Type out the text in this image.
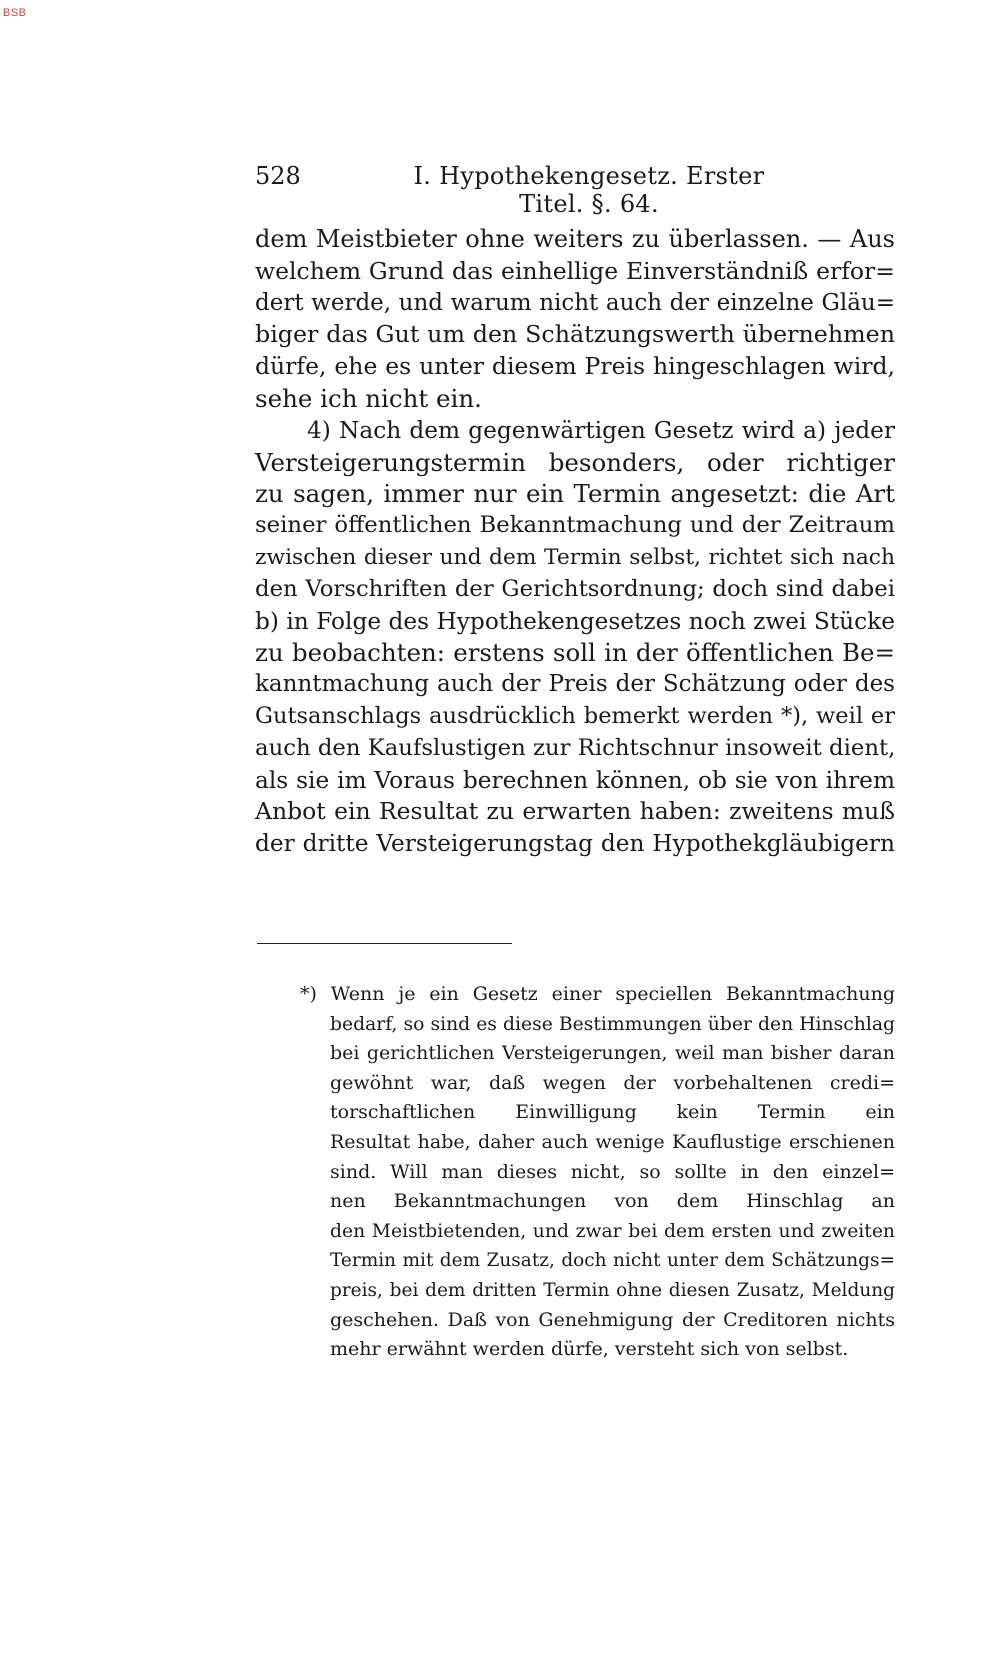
BSB
528	I. Hypothekengesetz. Erster Titel. §. 64.
dem Meistbieter ohne weiters zu überlassen. — Aus
welchem Grund das einhellige Einverständniß erfor=
dert werde, und warum nicht auch der einzelne Gläu=
biger das Gut um den Schätzungswerth übernehmen
dürfe, ehe es unter diesem Preis hingeschlagen wird,
sehe ich nicht ein.
4) Nach dem gegenwärtigen Gesetz wird a) jeder
Versteigerungstermin besonders, oder richtiger
zu sagen, immer nur ein Termin angesetzt: die Art
seiner öffentlichen Bekanntmachung und der Zeitraum
zwischen dieser und dem Termin selbst, richtet sich nach
den Vorschriften der Gerichtsordnung; doch sind dabei
b) in Folge des Hypothekengesetzes noch zwei Stücke
zu beobachten: erstens soll in der öffentlichen Be=
kanntmachung auch der Preis der Schätzung oder des
Gutsanschlags ausdrücklich bemerkt werden *), weil er
auch den Kaufslustigen zur Richtschnur insoweit dient,
als sie im Voraus berechnen können, ob sie von ihrem
Anbot ein Resultat zu erwarten haben: zweitens muß
der dritte Versteigerungstag den Hypothekgläubigern
*) Wenn je ein Gesetz einer speciellen Bekanntmachung
bedarf, so sind es diese Bestimmungen über den Hinschlag
bei gerichtlichen Versteigerungen, weil man bisher daran
gewöhnt war, daß wegen der vorbehaltenen credi=
torschaftlichen Einwilligung kein Termin ein
Resultat habe, daher auch wenige Kauflustige erschienen
sind. Will man dieses nicht, so sollte in den einzel=
nen Bekanntmachungen von dem Hinschlag an
den Meistbietenden, und zwar bei dem ersten und zweiten
Termin mit dem Zusatz, doch nicht unter dem Schätzungs=
preis, bei dem dritten Termin ohne diesen Zusatz, Meldung
geschehen. Daß von Genehmigung der Creditoren nichts
mehr erwähnt werden dürfe, versteht sich von selbst.
